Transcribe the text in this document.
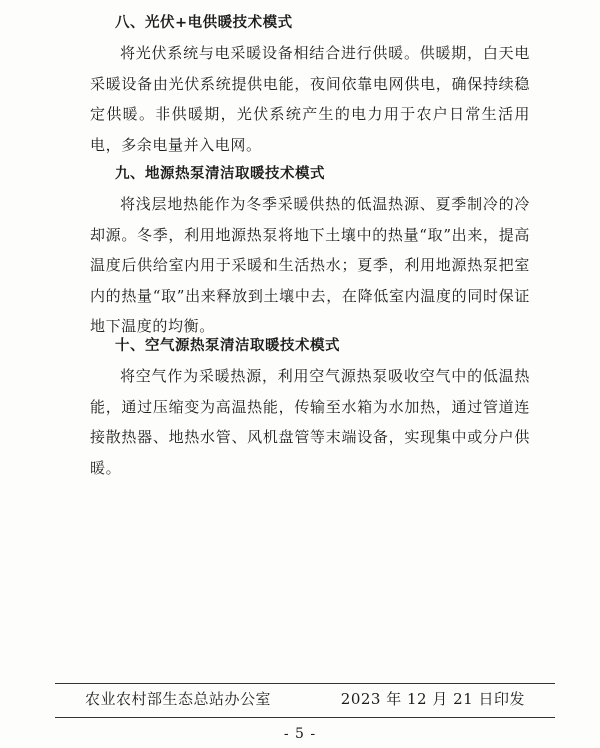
八、光伏+电供暖技术模式

将光伏系统与电采暖设备相结合进行供暖。供暖期，白天电采暖设备由光伏系统提供电能，夜间依靠电网供电，确保持续稳定供暖。非供暖期，光伏系统产生的电力用于农户日常生活用电，多余电量并入电网。

九、地源热泵清洁取暖技术模式

将浅层地热能作为冬季采暖供热的低温热源、夏季制冷的冷却源。冬季，利用地源热泵将地下土壤中的热量“取”出来，提高温度后供给室内用于采暖和生活热水；夏季，利用地源热泵把室内的热量“取”出来释放到土壤中去，在降低室内温度的同时保证地下温度的均衡。

十、空气源热泵清洁取暖技术模式

将空气作为采暖热源，利用空气源热泵吸收空气中的低温热能，通过压缩变为高温热能，传输至水箱为水加热，通过管道连接散热器、地热水管、风机盘管等末端设备，实现集中或分户供暖。

农业农村部生态总站办公室	2023 年 12 月 21 日印发
- 5 -
